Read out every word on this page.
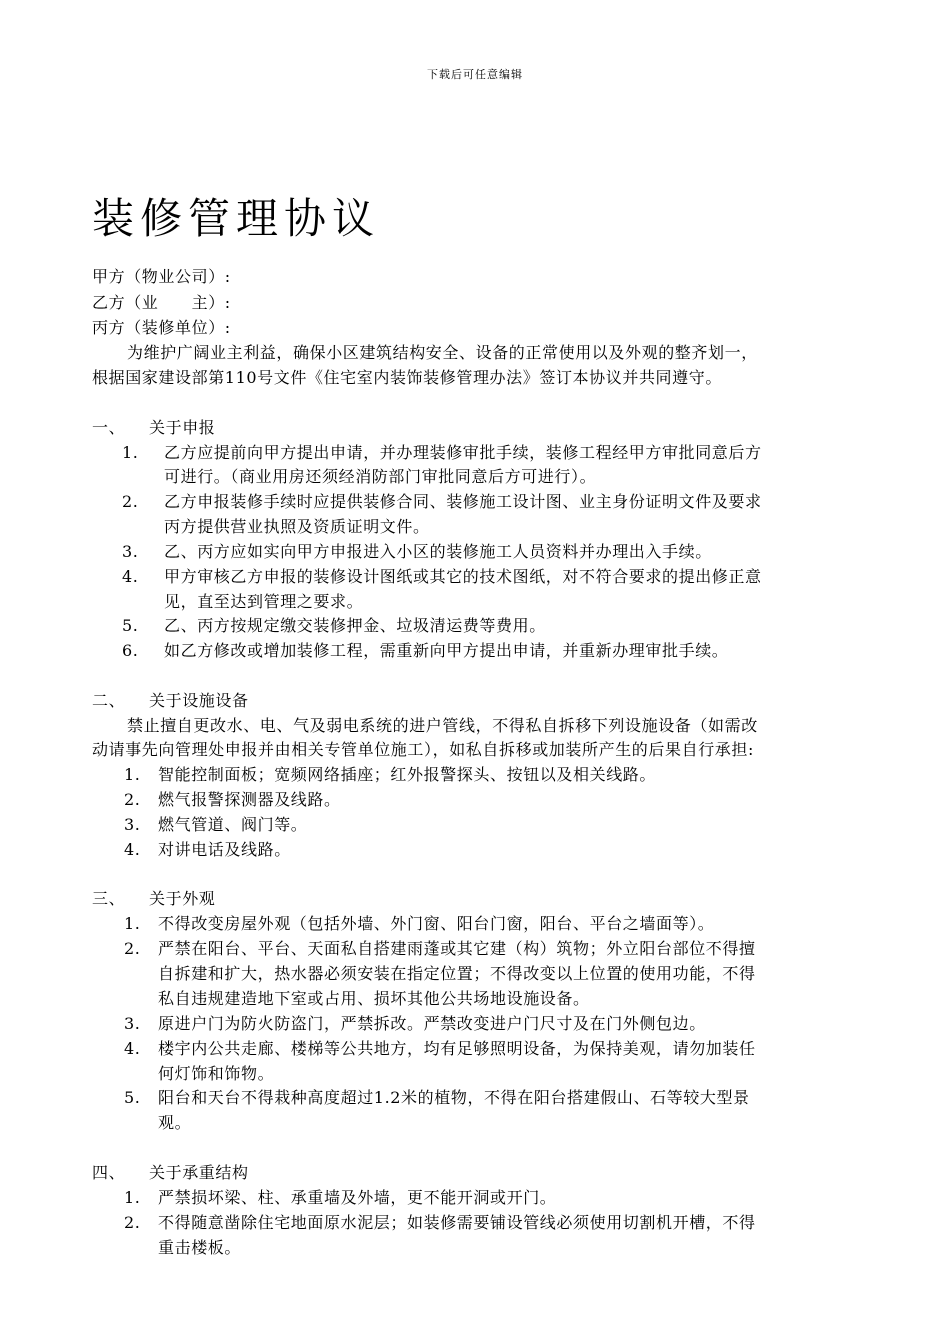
下载后可任意编辑
装修管理协议
甲方（物业公司）:
乙方（业　　主）:
丙方（装修单位）:
为维护广阔业主利益，确保小区建筑结构安全、设备的正常使用以及外观的整齐划一，
根据国家建设部第110号文件《住宅室内装饰装修管理办法》签订本协议并共同遵守。
一、 关于申报
1. 乙方应提前向甲方提出申请，并办理装修审批手续，装修工程经甲方审批同意后方
可进行。（商业用房还须经消防部门审批同意后方可进行）。
2. 乙方申报装修手续时应提供装修合同、装修施工设计图、业主身份证明文件及要求
丙方提供营业执照及资质证明文件。
3. 乙、丙方应如实向甲方申报进入小区的装修施工人员资料并办理出入手续。
4. 甲方审核乙方申报的装修设计图纸或其它的技术图纸，对不符合要求的提出修正意
见，直至达到管理之要求。
5. 乙、丙方按规定缴交装修押金、垃圾清运费等费用。
6. 如乙方修改或增加装修工程，需重新向甲方提出申请，并重新办理审批手续。
二、 关于设施设备
禁止擅自更改水、电、气及弱电系统的进户管线，不得私自拆移下列设施设备（如需改
动请事先向管理处申报并由相关专管单位施工），如私自拆移或加装所产生的后果自行承担:
1. 智能控制面板；宽频网络插座；红外报警探头、按钮以及相关线路。
2. 燃气报警探测器及线路。
3. 燃气管道、阀门等。
4. 对讲电话及线路。
三、 关于外观
1. 不得改变房屋外观（包括外墙、外门窗、阳台门窗，阳台、平台之墙面等）。
2. 严禁在阳台、平台、天面私自搭建雨蓬或其它建（构）筑物；外立阳台部位不得擅
自拆建和扩大，热水器必须安装在指定位置；不得改变以上位置的使用功能，不得
私自违规建造地下室或占用、损坏其他公共场地设施设备。
3. 原进户门为防火防盗门，严禁拆改。严禁改变进户门尺寸及在门外侧包边。
4. 楼宇内公共走廊、楼梯等公共地方，均有足够照明设备，为保持美观，请勿加装任
何灯饰和饰物。
5. 阳台和天台不得栽种高度超过1.2米的植物，不得在阳台搭建假山、石等较大型景
观。
四、 关于承重结构
1. 严禁损坏梁、柱、承重墙及外墙，更不能开洞或开门。
2. 不得随意凿除住宅地面原水泥层；如装修需要铺设管线必须使用切割机开槽，不得
重击楼板。
